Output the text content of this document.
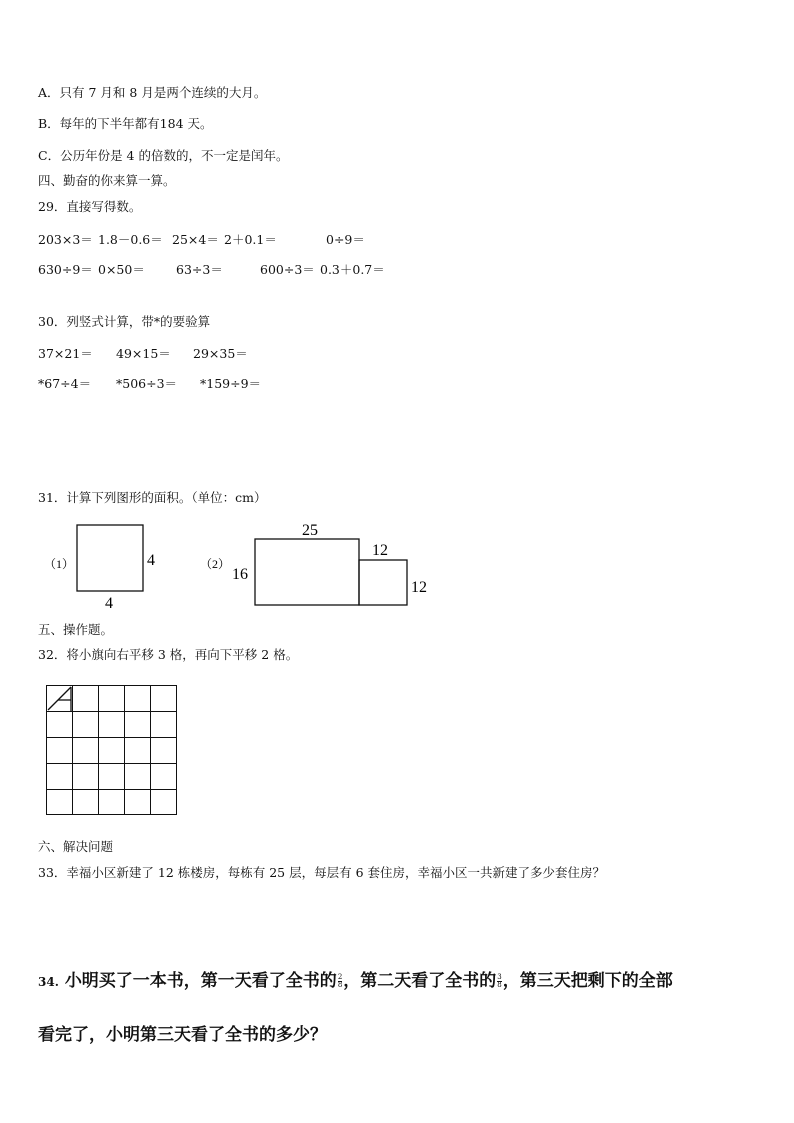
A．只有 7 月和 8 月是两个连续的大月。
B．每年的下半年都有184 天。
C．公历年份是 4 的倍数的，不一定是闰年。
四、勤奋的你来算一算。
29．直接写得数。
203×3＝ 1.8－0.6＝ 25×4＝ 2＋0.1＝	0÷9＝
630÷9＝ 0×50＝ 63÷3＝	600÷3＝ 0.3＋0.7＝
30．列竖式计算，带*的要验算
37×21＝ 49×15＝ 29×35＝
*67÷4＝ *506÷3＝ *159÷9＝
31．计算下列图形的面积。（单位：cm）
（1）	4
4
（2）
25
16
12
12
五、操作题。
32．将小旗向右平移 3 格，再向下平移 2 格。
六、解决问题
33．幸福小区新建了 12 栋楼房，每栋有 25 层，每层有 6 套住房，幸福小区一共新建了多少套住房？
34. 小明买了一本书，第一天看了全书的 $\frac{2}{8}$ ，第二天看了全书的 $\frac{3}{8}$ ，第三天把剩下的全部
看完了，小明第三天看了全书的多少？
